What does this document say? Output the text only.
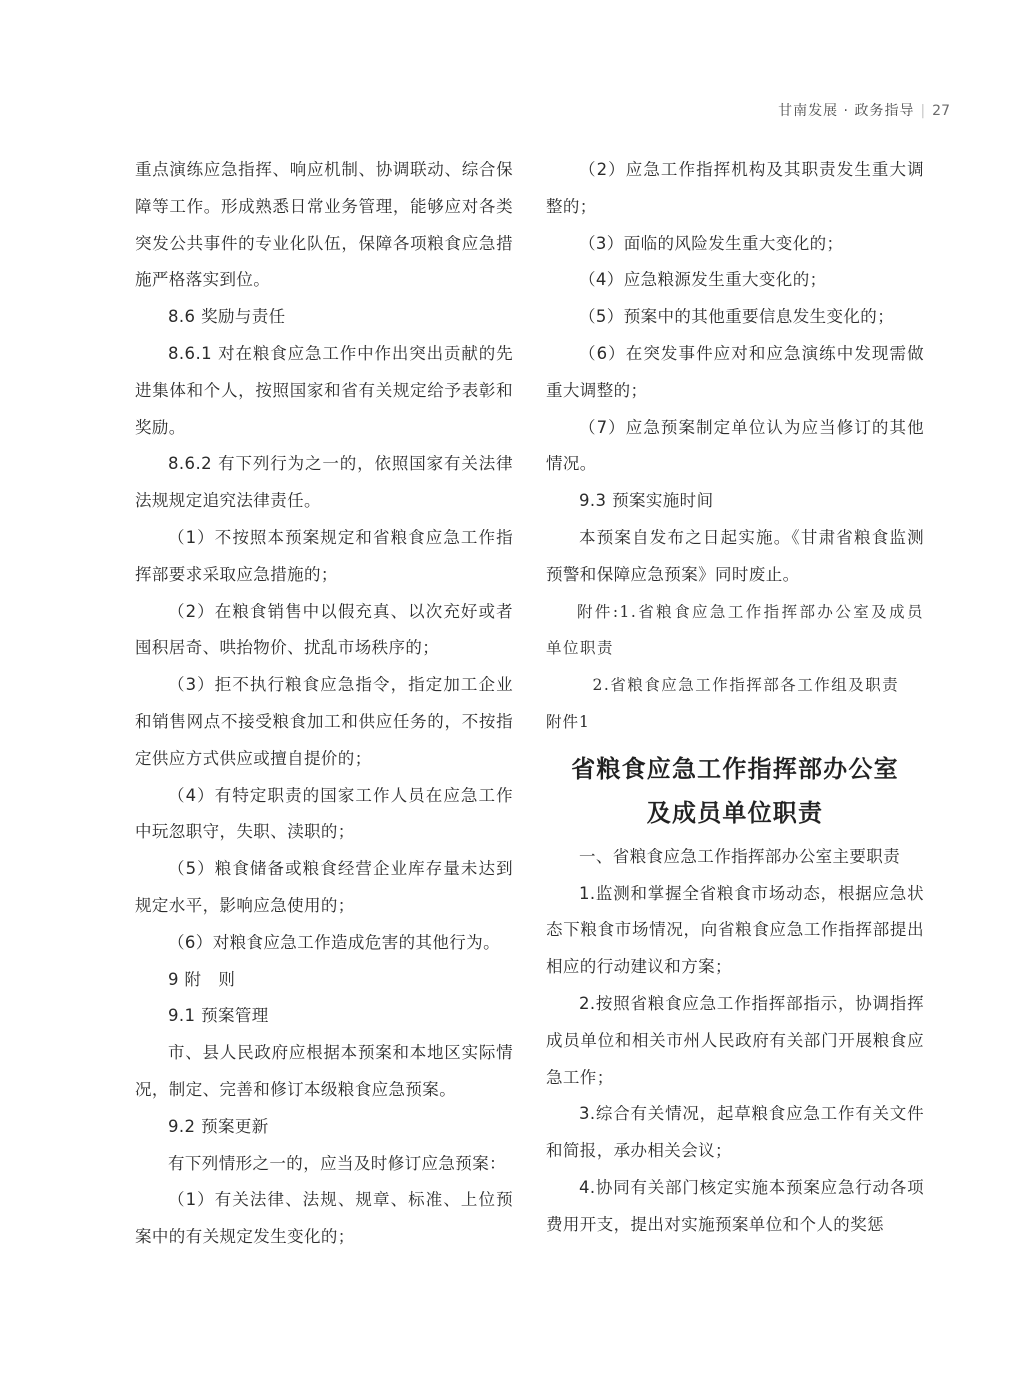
甘南发展 · 政务指导 | 27

重点演练应急指挥、响应机制、协调联动、综合保障等工作。形成熟悉日常业务管理，能够应对各类突发公共事件的专业化队伍，保障各项粮食应急措施严格落实到位。

8.6 奖励与责任

8.6.1 对在粮食应急工作中作出突出贡献的先进集体和个人，按照国家和省有关规定给予表彰和奖励。

8.6.2 有下列行为之一的，依照国家有关法律法规规定追究法律责任。

（1）不按照本预案规定和省粮食应急工作指挥部要求采取应急措施的；

（2）在粮食销售中以假充真、以次充好或者囤积居奇、哄抬物价、扰乱市场秩序的；

（3）拒不执行粮食应急指令，指定加工企业和销售网点不接受粮食加工和供应任务的，不按指定供应方式供应或擅自提价的；

（4）有特定职责的国家工作人员在应急工作中玩忽职守，失职、渎职的；

（5）粮食储备或粮食经营企业库存量未达到规定水平，影响应急使用的；

（6）对粮食应急工作造成危害的其他行为。

9 附　则
9.1 预案管理

市、县人民政府应根据本预案和本地区实际情况，制定、完善和修订本级粮食应急预案。

9.2 预案更新

有下列情形之一的，应当及时修订应急预案：

（1）有关法律、法规、规章、标准、上位预案中的有关规定发生变化的；

（2）应急工作指挥机构及其职责发生重大调整的；

（3）面临的风险发生重大变化的；

（4）应急粮源发生重大变化的；

（5）预案中的其他重要信息发生变化的；

（6）在突发事件应对和应急演练中发现需做重大调整的；

（7）应急预案制定单位认为应当修订的其他情况。

9.3 预案实施时间

本预案自发布之日起实施。《甘肃省粮食监测预警和保障应急预案》同时废止。

附件:1.省粮食应急工作指挥部办公室及成员单位职责

2.省粮食应急工作指挥部各工作组及职责

附件1

省粮食应急工作指挥部办公室
及成员单位职责

一、省粮食应急工作指挥部办公室主要职责

1.监测和掌握全省粮食市场动态，根据应急状态下粮食市场情况，向省粮食应急工作指挥部提出相应的行动建议和方案；

2.按照省粮食应急工作指挥部指示，协调指挥成员单位和相关市州人民政府有关部门开展粮食应急工作；

3.综合有关情况，起草粮食应急工作有关文件和简报，承办相关会议；

4.协同有关部门核定实施本预案应急行动各项费用开支，提出对实施预案单位和个人的奖惩
